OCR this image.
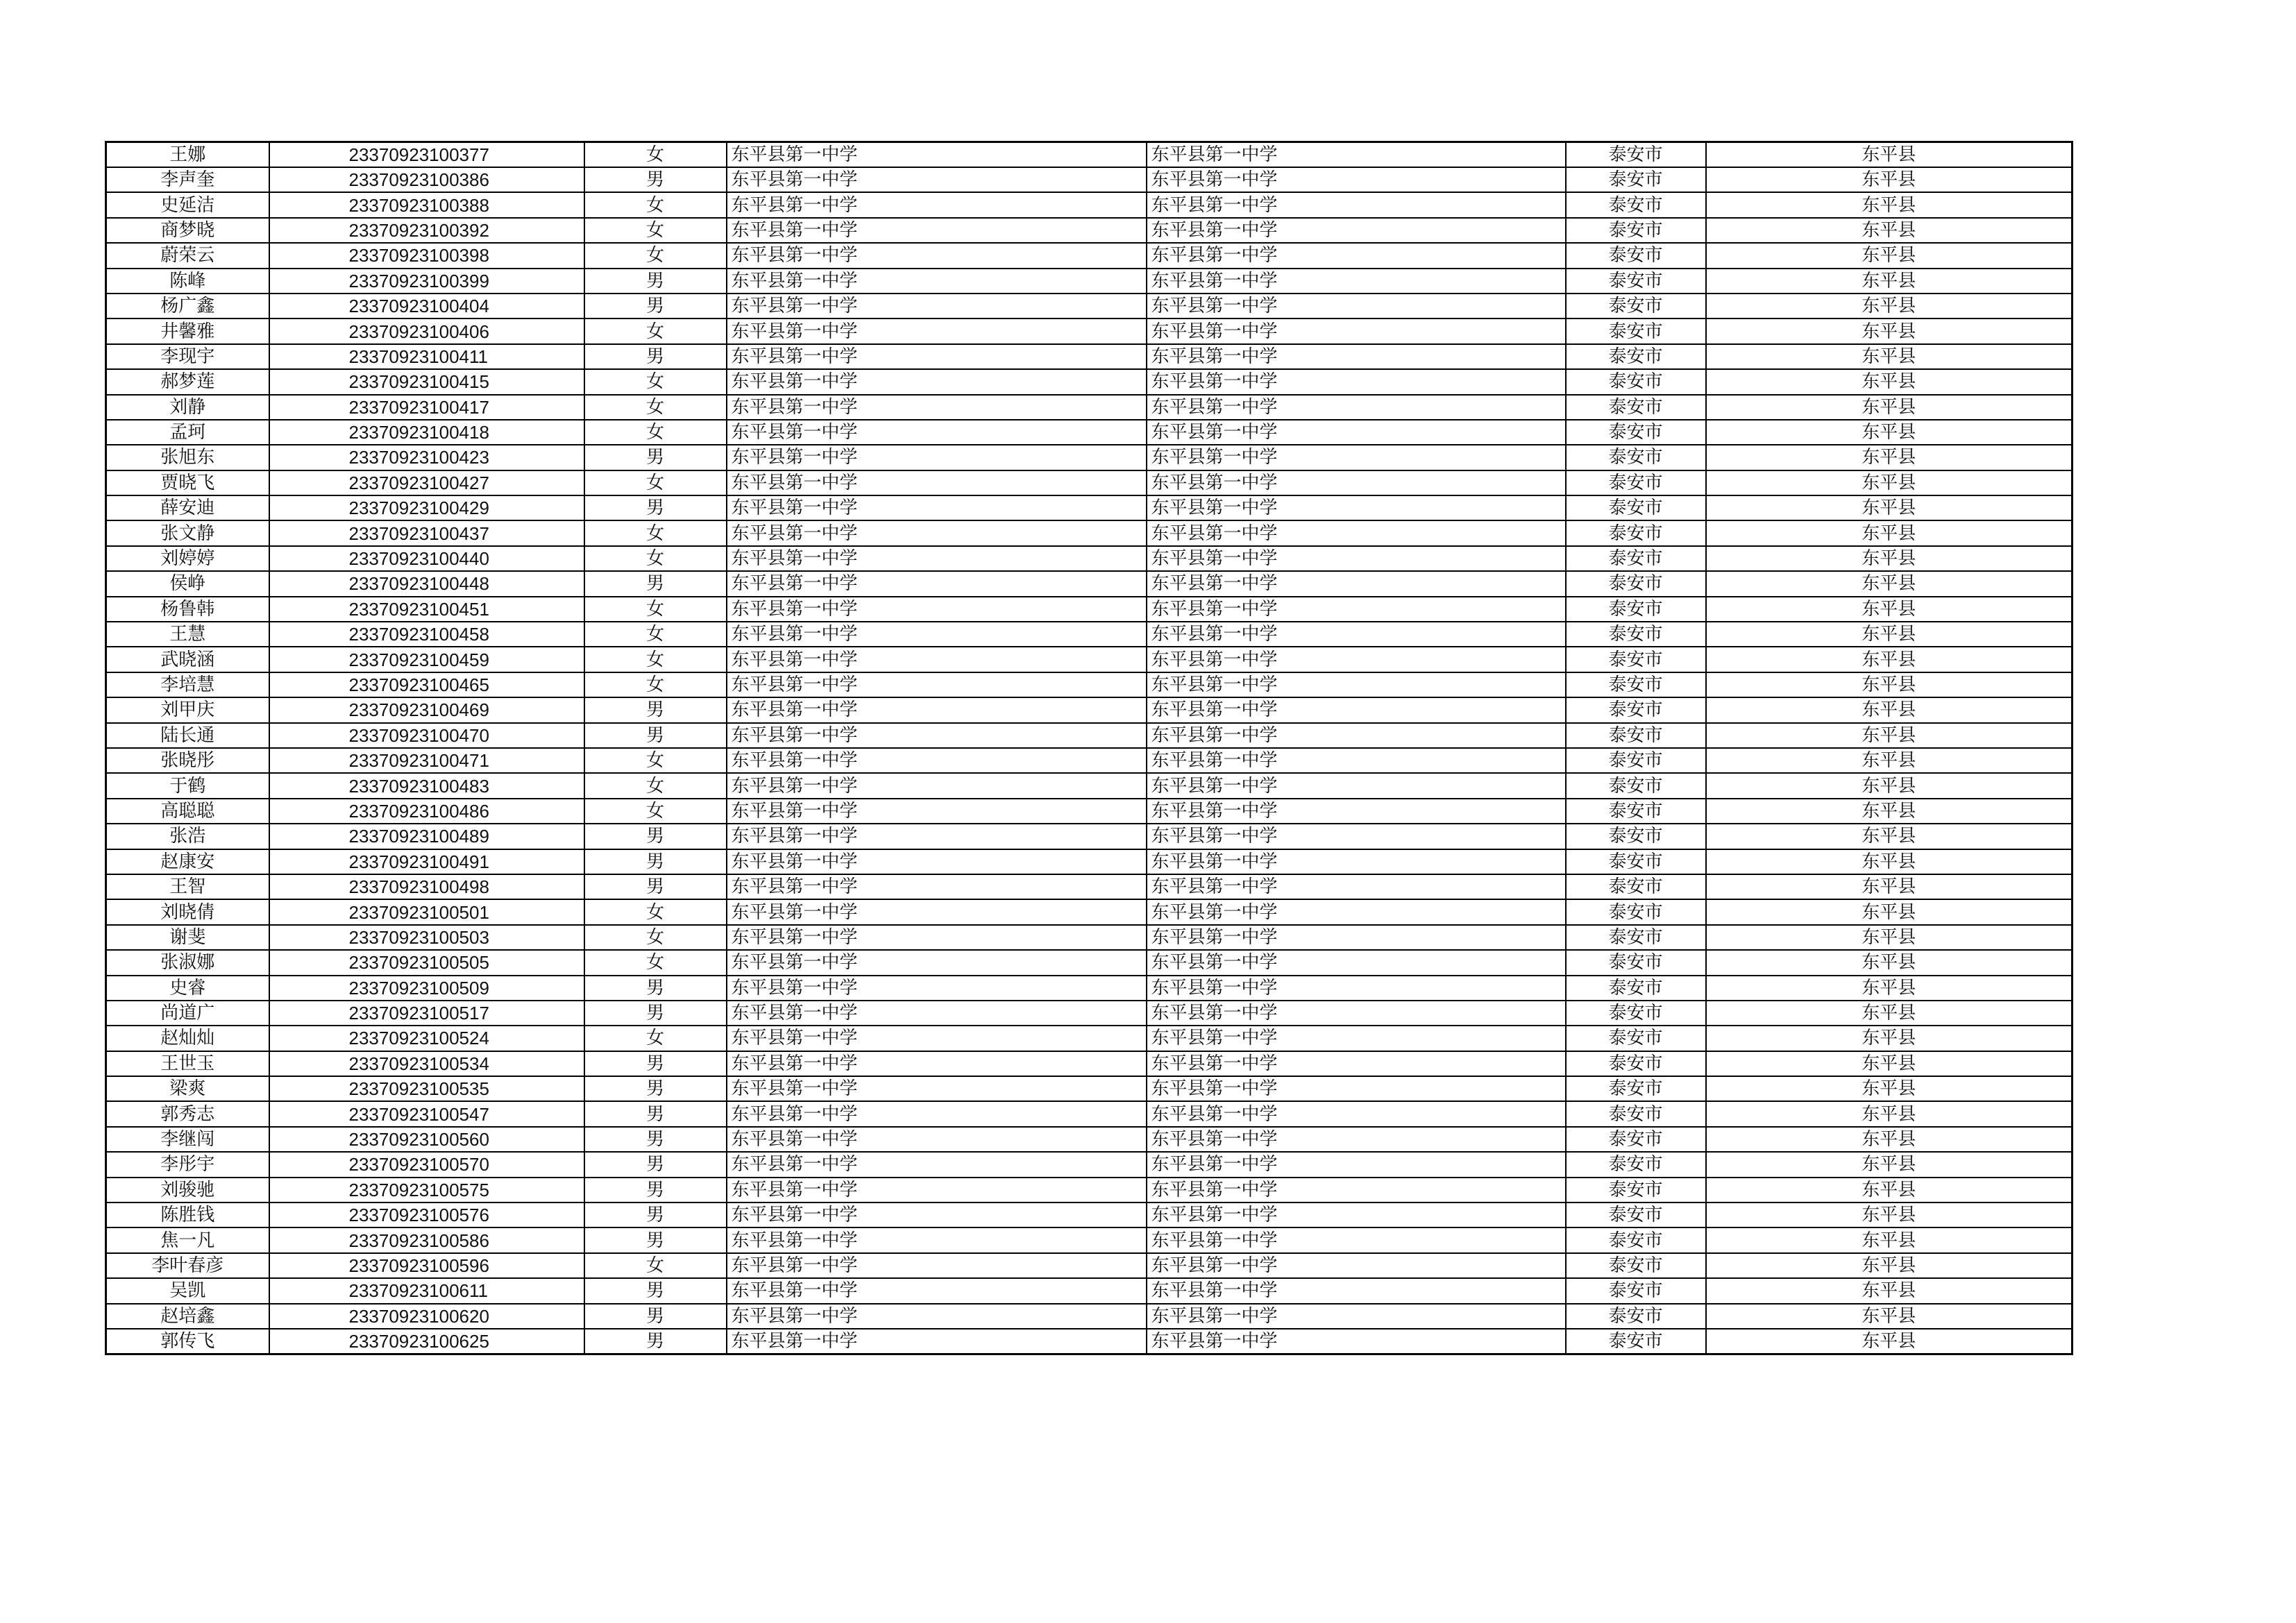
王娜	23370923100377	女	东平县第一中学	东平县第一中学	泰安市	东平县
李声奎	23370923100386	男	东平县第一中学	东平县第一中学	泰安市	东平县
史延洁	23370923100388	女	东平县第一中学	东平县第一中学	泰安市	东平县
商梦晓	23370923100392	女	东平县第一中学	东平县第一中学	泰安市	东平县
蔚荣云	23370923100398	女	东平县第一中学	东平县第一中学	泰安市	东平县
陈峰	23370923100399	男	东平县第一中学	东平县第一中学	泰安市	东平县
杨广鑫	23370923100404	男	东平县第一中学	东平县第一中学	泰安市	东平县
井馨雅	23370923100406	女	东平县第一中学	东平县第一中学	泰安市	东平县
李现宇	23370923100411	男	东平县第一中学	东平县第一中学	泰安市	东平县
郝梦莲	23370923100415	女	东平县第一中学	东平县第一中学	泰安市	东平县
刘静	23370923100417	女	东平县第一中学	东平县第一中学	泰安市	东平县
孟珂	23370923100418	女	东平县第一中学	东平县第一中学	泰安市	东平县
张旭东	23370923100423	男	东平县第一中学	东平县第一中学	泰安市	东平县
贾晓飞	23370923100427	女	东平县第一中学	东平县第一中学	泰安市	东平县
薛安迪	23370923100429	男	东平县第一中学	东平县第一中学	泰安市	东平县
张文静	23370923100437	女	东平县第一中学	东平县第一中学	泰安市	东平县
刘婷婷	23370923100440	女	东平县第一中学	东平县第一中学	泰安市	东平县
侯峥	23370923100448	男	东平县第一中学	东平县第一中学	泰安市	东平县
杨鲁韩	23370923100451	女	东平县第一中学	东平县第一中学	泰安市	东平县
王慧	23370923100458	女	东平县第一中学	东平县第一中学	泰安市	东平县
武晓涵	23370923100459	女	东平县第一中学	东平县第一中学	泰安市	东平县
李培慧	23370923100465	女	东平县第一中学	东平县第一中学	泰安市	东平县
刘甲庆	23370923100469	男	东平县第一中学	东平县第一中学	泰安市	东平县
陆长通	23370923100470	男	东平县第一中学	东平县第一中学	泰安市	东平县
张晓彤	23370923100471	女	东平县第一中学	东平县第一中学	泰安市	东平县
于鹤	23370923100483	女	东平县第一中学	东平县第一中学	泰安市	东平县
高聪聪	23370923100486	女	东平县第一中学	东平县第一中学	泰安市	东平县
张浩	23370923100489	男	东平县第一中学	东平县第一中学	泰安市	东平县
赵康安	23370923100491	男	东平县第一中学	东平县第一中学	泰安市	东平县
王智	23370923100498	男	东平县第一中学	东平县第一中学	泰安市	东平县
刘晓倩	23370923100501	女	东平县第一中学	东平县第一中学	泰安市	东平县
谢斐	23370923100503	女	东平县第一中学	东平县第一中学	泰安市	东平县
张淑娜	23370923100505	女	东平县第一中学	东平县第一中学	泰安市	东平县
史睿	23370923100509	男	东平县第一中学	东平县第一中学	泰安市	东平县
尚道广	23370923100517	男	东平县第一中学	东平县第一中学	泰安市	东平县
赵灿灿	23370923100524	女	东平县第一中学	东平县第一中学	泰安市	东平县
王世玉	23370923100534	男	东平县第一中学	东平县第一中学	泰安市	东平县
梁爽	23370923100535	男	东平县第一中学	东平县第一中学	泰安市	东平县
郭秀志	23370923100547	男	东平县第一中学	东平县第一中学	泰安市	东平县
李继闯	23370923100560	男	东平县第一中学	东平县第一中学	泰安市	东平县
李彤宇	23370923100570	男	东平县第一中学	东平县第一中学	泰安市	东平县
刘骏驰	23370923100575	男	东平县第一中学	东平县第一中学	泰安市	东平县
陈胜钱	23370923100576	男	东平县第一中学	东平县第一中学	泰安市	东平县
焦一凡	23370923100586	男	东平县第一中学	东平县第一中学	泰安市	东平县
李叶春彦	23370923100596	女	东平县第一中学	东平县第一中学	泰安市	东平县
吴凯	23370923100611	男	东平县第一中学	东平县第一中学	泰安市	东平县
赵培鑫	23370923100620	男	东平县第一中学	东平县第一中学	泰安市	东平县
郭传飞	23370923100625	男	东平县第一中学	东平县第一中学	泰安市	东平县
